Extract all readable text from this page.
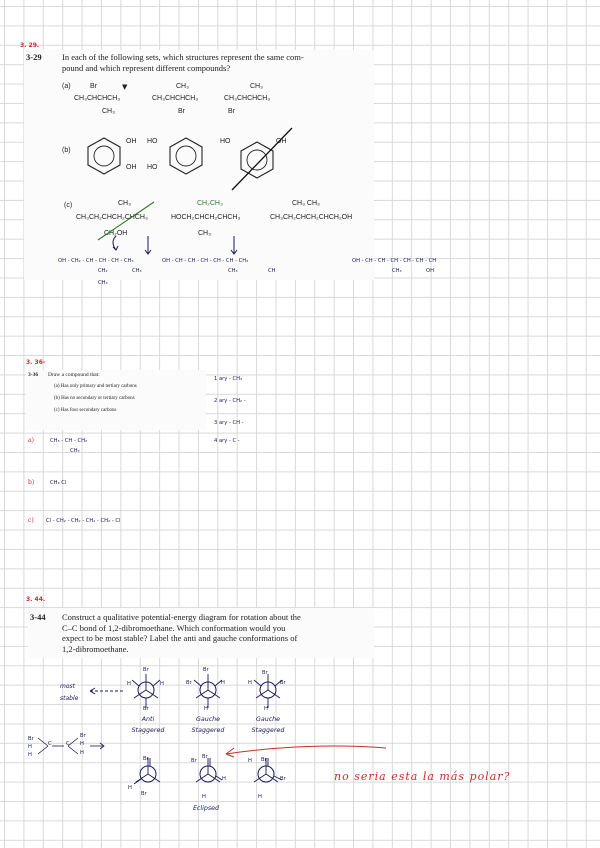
3. 29.
3-29 In each of the following sets, which structures represent the same com-
pound and which represent different compounds?
(a)	Br	▼
CH₃CHCHCH₃
CH₃
CH₃
CH₃CHCHCH₃
Br
CH₃
CH₃CHCHCH₃
Br
(b)
OH
OH
HO
HO
HO	OH
(c)	CH₃
CH₃CH₂CHCH₂CHCH₃
CH₂OH
CH₂CH₃
HOCH₂CHCH₂CHCH₃
CH₃
CH₃ CH₃
CH₃CH₂CHCH₂CHCH₂OH
OH - CH₂ - CH - CH - CH - CH₃
CH₂	CH₃
CH₃
OH - CH - CH - CH - CH - CH - CH₃
CH₃	CH
OH - CH - CH - CH - CH - CH - CH
CH₃	OH
3. 36-
3-36 Draw a compound that:
(a) Has only primary and tertiary carbons
(b) Has no secondary or tertiary carbons
(c) Has four secondary carbons
1 ary - CH₃
2 ary - CH₂ -
3 ary - CH -
4 ary - C -
a)	CH₃ - CH - CH₃
CH₃
b)	CH₃ Cl
c) Cl - CH₂ - CH₂ - CH₂ - CH₂ - Cl
3. 44.
3-44 Construct a qualitative potential-energy diagram for rotation about the
C–C bond of 1,2-dibromoethane. Which conformation would you
expect to be most stable? Label the anti and gauche conformations of
1,2-dibromoethane.
most
stable
Br
H	H
Br
Anti
Staggered
Br
Br	H
H
Gauche
Staggered
Br
Br
H
H
Gauche
Staggered
Br
H
H
C	C
Br
H
H
Br
H
Br
Br
Br
H
H
Eclipsed
H Br
Br
H
no seria esta la más polar?
